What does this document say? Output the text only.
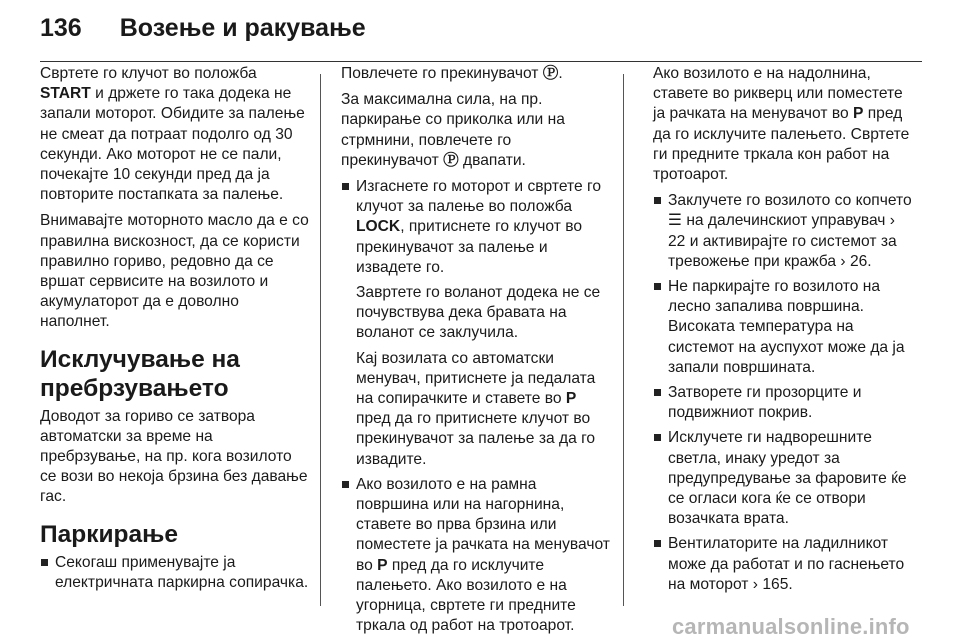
136 Возење и ракување

Свртете го клучот во положба START и држете го така додека не запали моторот. Обидите за палење не смеат да потраат подолго од 30 секунди. Ако моторот не се пали, почекајте 10 секунди пред да ја повторите постапката за палење.

Внимавајте моторното масло да е со правилна вискозност, да се користи правилно гориво, редовно да се вршат сервисите на возилото и акумулаторот да е доволно наполнет.

Исклучување на пребрзувањето

Доводот за гориво се затвора автоматски за време на пребрзување, на пр. кога возилото се вози во некоја брзина без давање гас.

Паркирање
Секогаш применувајте ја електричната паркирна сопирачка.

Повлечете го прекинувачот Ⓟ.

За максимална сила, на пр. паркирање со приколка или на стрмнини, повлечете го прекинувачот Ⓟ двапати.

Изгаснете го моторот и свртете го клучот за палење во положба LOCK, притиснете го клучот во прекинувачот за палење и извадете го.
Завртете го воланот додека не се почувствува дека бравата на воланот се заклучила.
Кај возилата со автоматски менувач, притиснете ја педалата на сопирачките и ставете во P пред да го притиснете клучот во прекинувачот за палење за да го извадите.
Ако возилото е на рамна површина или на нагорнина, ставете во прва брзина или поместете ја рачката на менувачот во P пред да го исклучите палењето. Ако возилото е на угорница, свртете ги предните тркала од работ на тротоарот.

Ако возилото е на надолнина, ставете во рикверц или поместете ја рачката на менувачот во P пред да го исклучите палењето. Свртете ги предните тркала кон работ на тротоарот.

Заклучете го возилото со копчето ☰ на далечинскиот управувач › 22 и активирајте го системот за тревожење при кражба › 26.
Не паркирајте го возилото на лесно запалива површина.
Високата температура на системот на ауспухот може да ја запали површината.
Затворете ги прозорците и подвижниот покрив.
Исклучете ги надворешните светла, инаку уредот за предупредување за фаровите ќе се огласи кога ќе се отвори возачката врата.
Вентилаторите на ладилникот може да работат и по гаснењето на моторот › 165.
carmanualsonline.info
